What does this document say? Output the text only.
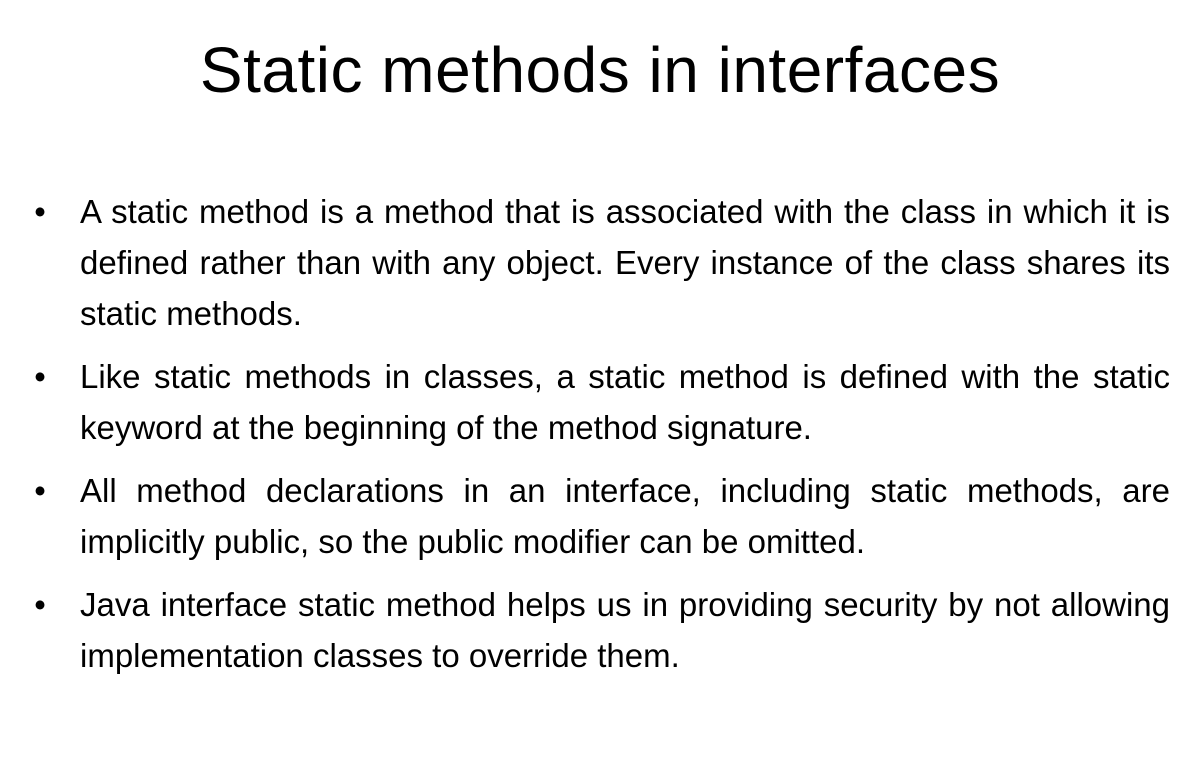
Static methods in interfaces
• A static method is a method that is associated with the class in which it is defined rather than with any object. Every instance of the class shares its static methods.
• Like static methods in classes, a static method is defined with the static keyword at the beginning of the method signature.
• All method declarations in an interface, including static methods, are implicitly public, so the public modifier can be omitted.
• Java interface static method helps us in providing security by not allowing implementation classes to override them.
